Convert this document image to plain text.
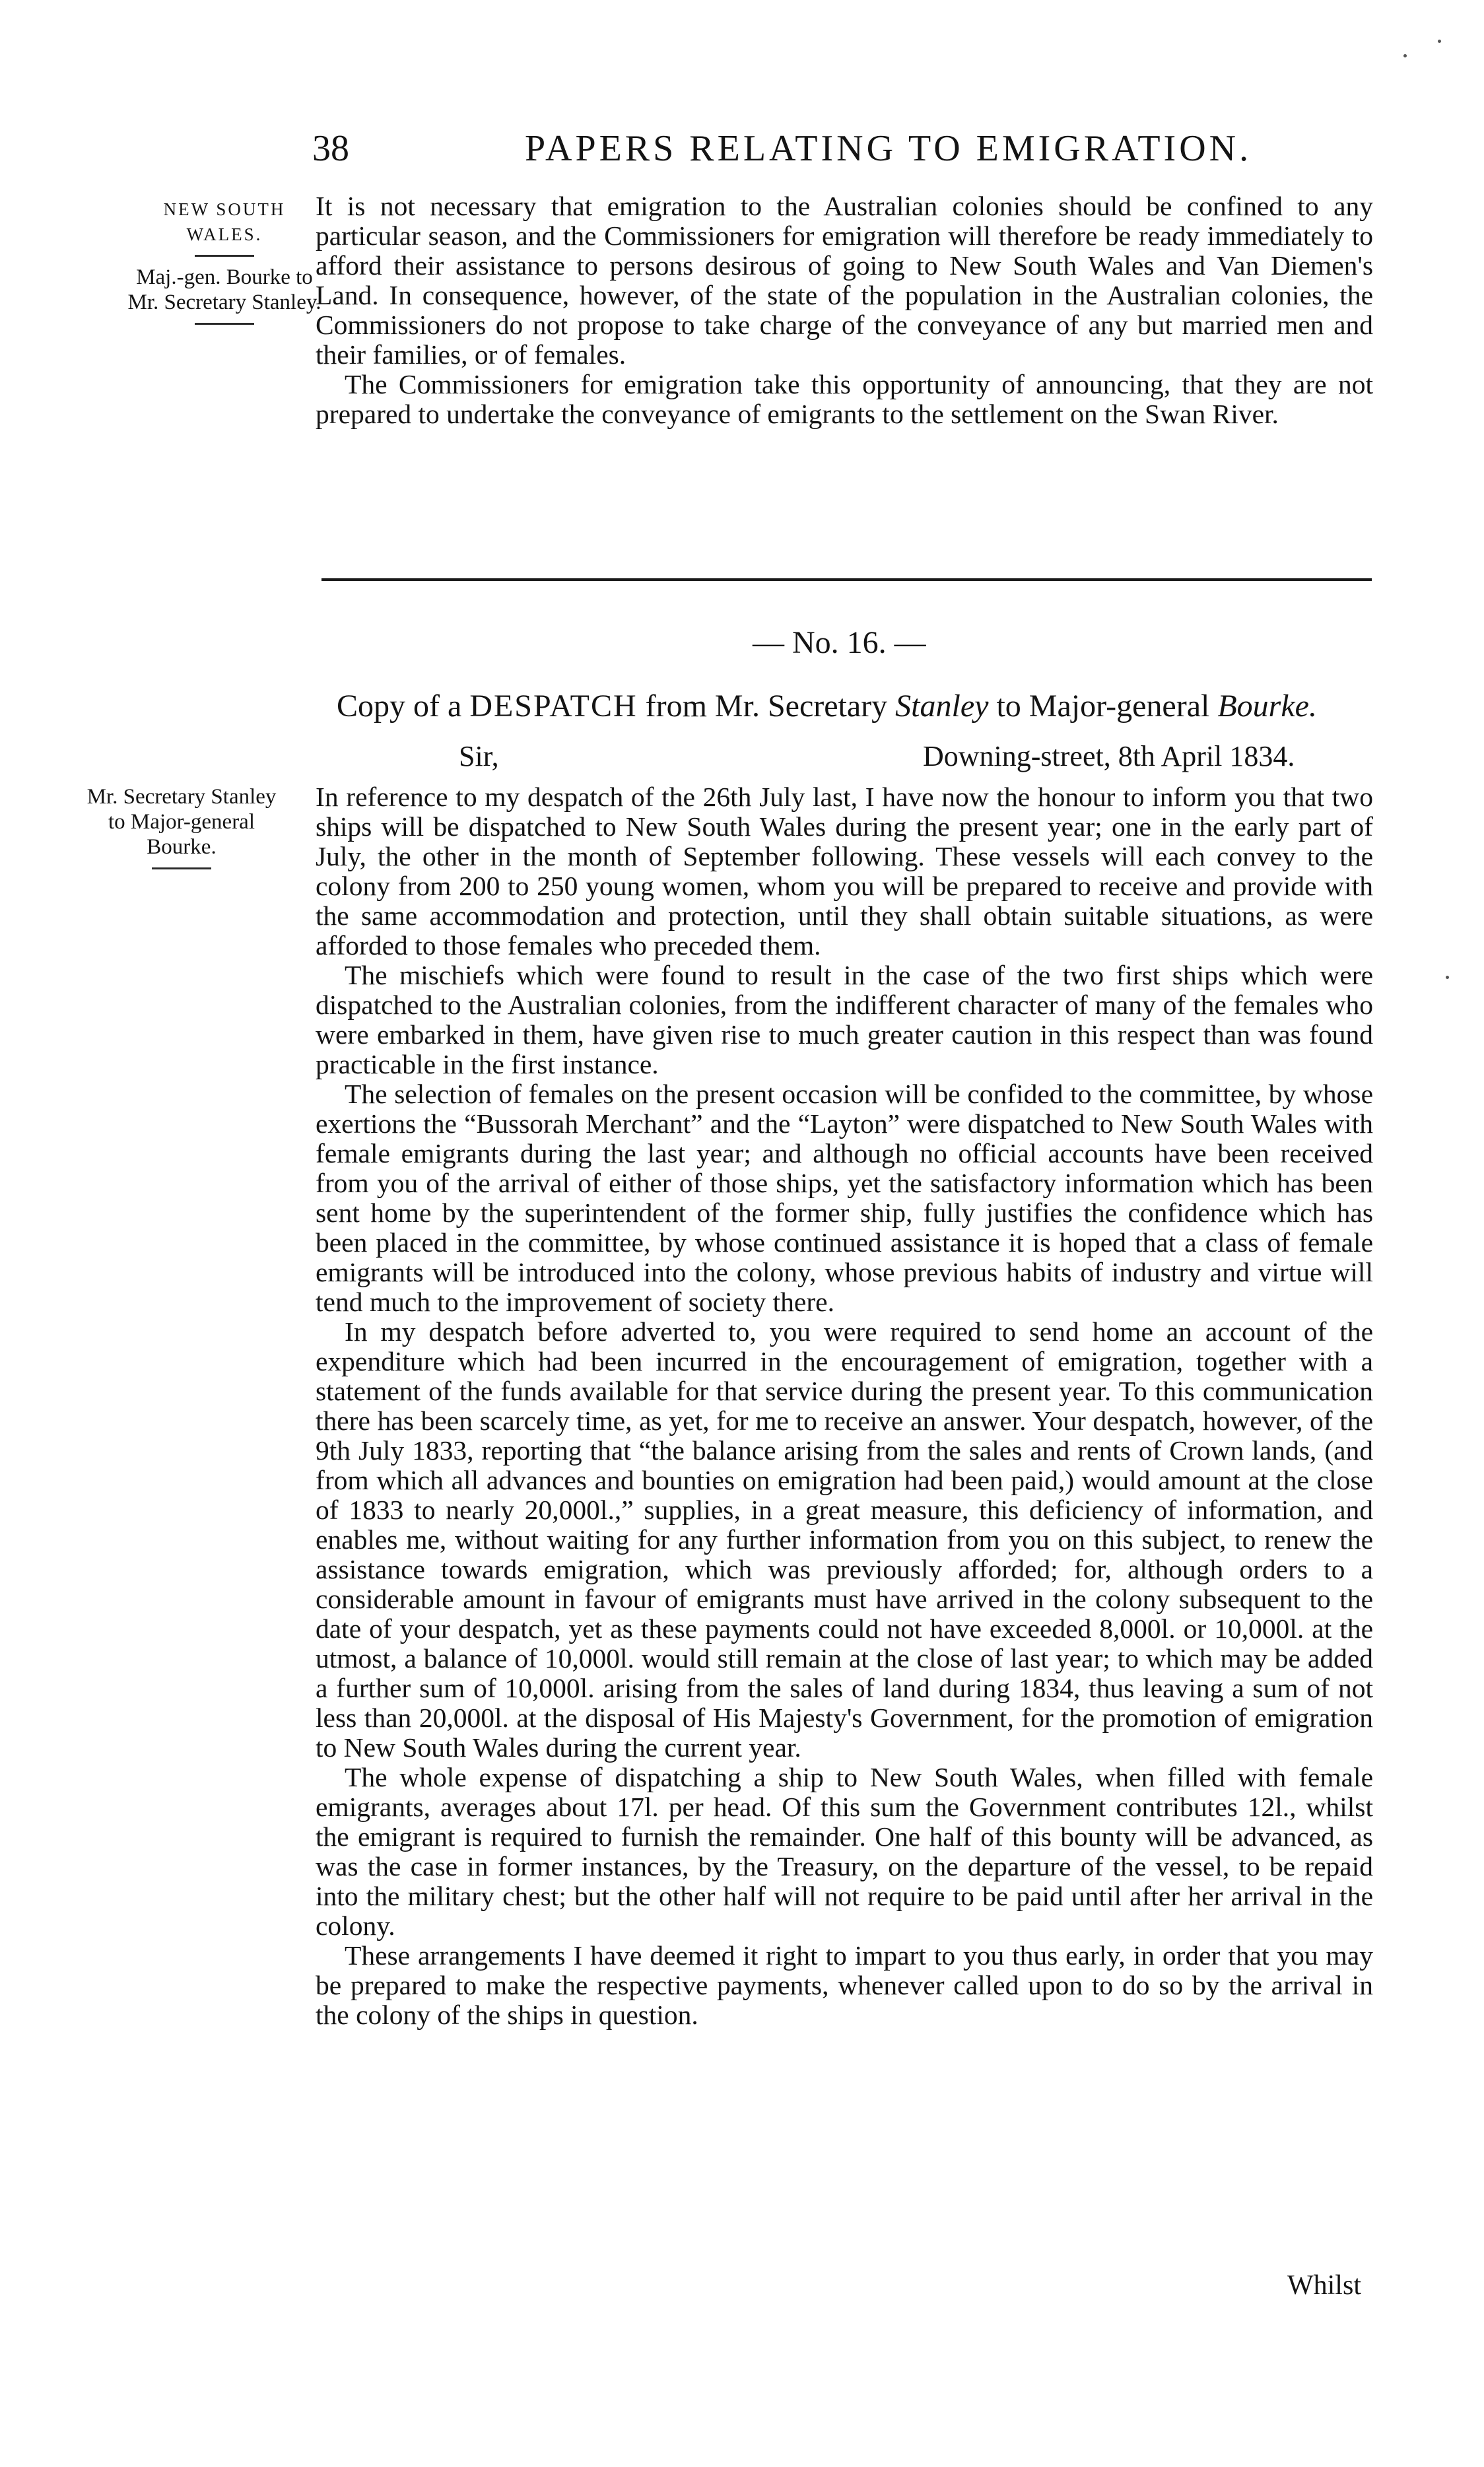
38	PAPERS RELATING TO EMIGRATION.
NEW SOUTH WALES.
Maj.-gen. Bourke to Mr. Secretary Stanley.

It is not necessary that emigration to the Australian colonies should be confined to any particular season, and the Commissioners for emigration will therefore be ready immediately to afford their assistance to persons desirous of going to New South Wales and Van Diemen's Land. In consequence, however, of the state of the population in the Australian colonies, the Commissioners do not propose to take charge of the conveyance of any but married men and their families, or of females.

The Commissioners for emigration take this opportunity of announcing, that they are not prepared to undertake the conveyance of emigrants to the settlement on the Swan River.

— No. 16. —
Copy of a DESPATCH from Mr. Secretary Stanley to Major-general Bourke.
Sir,	Downing-street, 8th April 1834.
Mr. Secretary Stanley to Major-general Bourke.

In reference to my despatch of the 26th July last, I have now the honour to inform you that two ships will be dispatched to New South Wales during the present year; one in the early part of July, the other in the month of September following. These vessels will each convey to the colony from 200 to 250 young women, whom you will be prepared to receive and provide with the same accommodation and protection, until they shall obtain suitable situations, as were afforded to those females who preceded them.

The mischiefs which were found to result in the case of the two first ships which were dispatched to the Australian colonies, from the indifferent character of many of the females who were embarked in them, have given rise to much greater caution in this respect than was found practicable in the first instance.

The selection of females on the present occasion will be confided to the committee, by whose exertions the “Bussorah Merchant” and the “Layton” were dispatched to New South Wales with female emigrants during the last year; and although no official accounts have been received from you of the arrival of either of those ships, yet the satisfactory information which has been sent home by the superintendent of the former ship, fully justifies the confidence which has been placed in the committee, by whose continued assistance it is hoped that a class of female emigrants will be introduced into the colony, whose previous habits of industry and virtue will tend much to the improvement of society there.

In my despatch before adverted to, you were required to send home an account of the expenditure which had been incurred in the encouragement of emigration, together with a statement of the funds available for that service during the present year. To this communication there has been scarcely time, as yet, for me to receive an answer. Your despatch, however, of the 9th July 1833, reporting that “the balance arising from the sales and rents of Crown lands, (and from which all advances and bounties on emigration had been paid,) would amount at the close of 1833 to nearly 20,000l.,” supplies, in a great measure, this deficiency of information, and enables me, without waiting for any further information from you on this subject, to renew the assistance towards emigration, which was previously afforded; for, although orders to a considerable amount in favour of emigrants must have arrived in the colony subsequent to the date of your despatch, yet as these payments could not have exceeded 8,000l. or 10,000l. at the utmost, a balance of 10,000l. would still remain at the close of last year; to which may be added a further sum of 10,000l. arising from the sales of land during 1834, thus leaving a sum of not less than 20,000l. at the disposal of His Majesty's Government, for the promotion of emigration to New South Wales during the current year.

The whole expense of dispatching a ship to New South Wales, when filled with female emigrants, averages about 17l. per head. Of this sum the Government contributes 12l., whilst the emigrant is required to furnish the remainder. One half of this bounty will be advanced, as was the case in former instances, by the Treasury, on the departure of the vessel, to be repaid into the military chest; but the other half will not require to be paid until after her arrival in the colony.

These arrangements I have deemed it right to impart to you thus early, in order that you may be prepared to make the respective payments, whenever called upon to do so by the arrival in the colony of the ships in question.

Whilst
